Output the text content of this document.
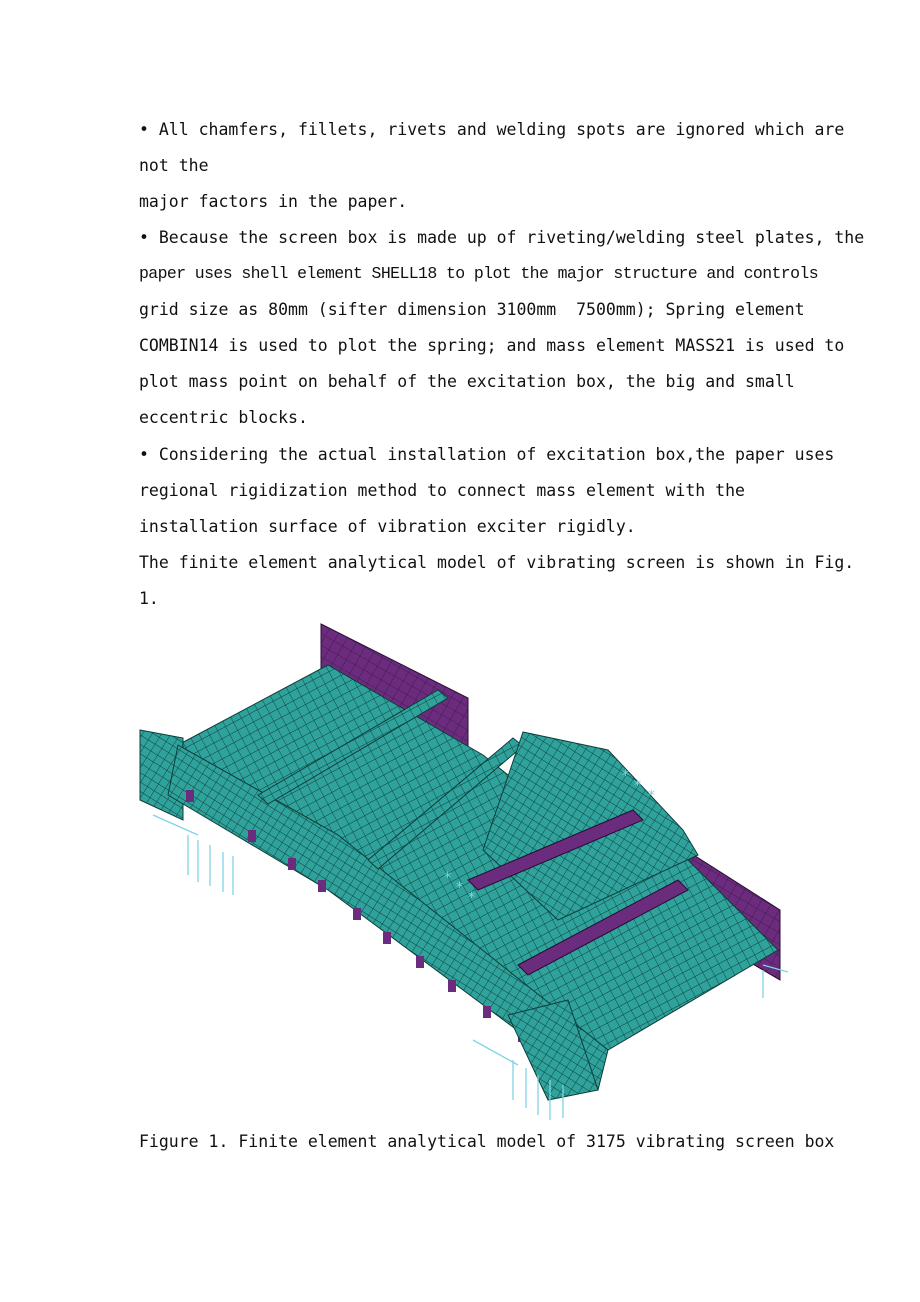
• All chamfers, fillets, rivets and welding spots are ignored which are
not the
major factors in the paper.
• Because the screen box is made up of riveting/welding steel plates, the
paper uses shell element SHELL18 to plot the major structure and controls
grid size as 80mm (sifter dimension 3100mm  7500mm); Spring element
COMBIN14 is used to plot the spring; and mass element MASS21 is used to
plot mass point on behalf of the excitation box, the big and small
eccentric blocks.
• Considering the actual installation of excitation box,the paper uses
regional rigidization method to connect mass element with the
installation surface of vibration exciter rigidly.
The finite element analytical model of vibrating screen is shown in Fig.
1.
*
*
*
*
*
*
Figure 1. Finite element analytical model of 3175 vibrating screen box
